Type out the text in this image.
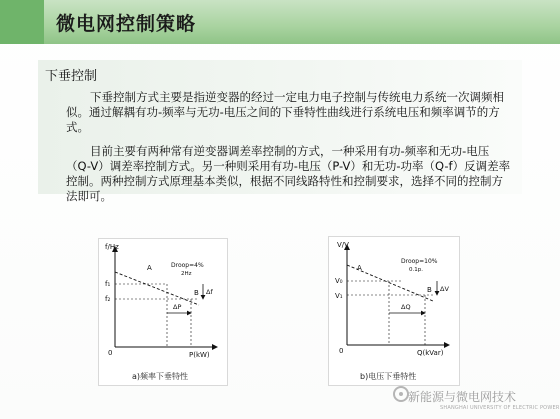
微电网控制策略
下垂控制
下垂控制方式主要是指逆变器的经过一定电力电子控制与传统电力系统一次调频相似。通过解耦有功-频率与无功-电压之间的下垂特性曲线进行系统电压和频率调节的方式。
目前主要有两种常有逆变器调差率控制的方式，一种采用有功-频率和无功-电压（Q-V）调差率控制方式。另一种则采用有功-电压（P-V）和无功-功率（Q-f）反调差率控制。两种控制方式原理基本类似，根据不同线路特性和控制要求，选择不同的控制方法即可。
f/Hz
P(kW)
0
A
B
Droop=4%
2Hz
f₁
f₂
Δf
ΔP
a)频率下垂特性
V/V
Q(kVar)
0
A
B
Droop=10%
0.1p.
V₀
V₁
ΔV
ΔQ
b)电压下垂特性
新能源与微电网技术
SHANGHAI UNIVERSITY OF ELECTRIC POWER
